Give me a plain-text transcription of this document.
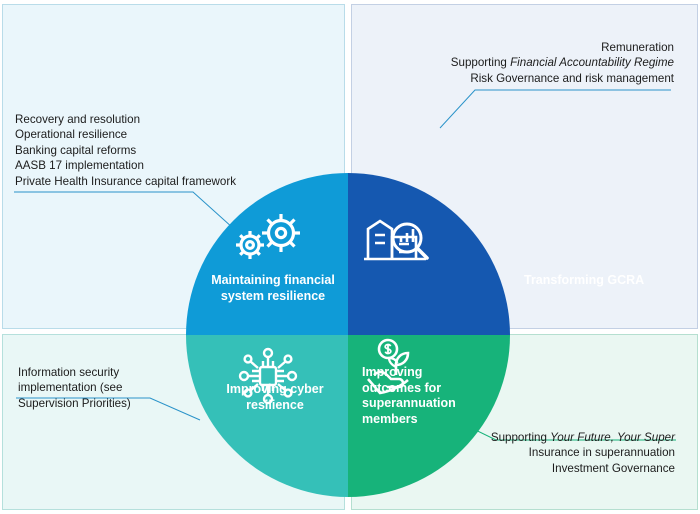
Recovery and resolution
Operational resilience
Banking capital reforms
AASB 17 implementation
Private Health Insurance capital framework
Remuneration
Supporting Financial Accountability Regime
Risk Governance and risk management
Information security implementation (see Supervision Priorities)
Supporting Your Future, Your Super
Insurance in superannuation
Investment Governance
Maintaining financial system resilience
Transforming GCRA
Improving cyber resilience
Improving outcomes for superannuation members
